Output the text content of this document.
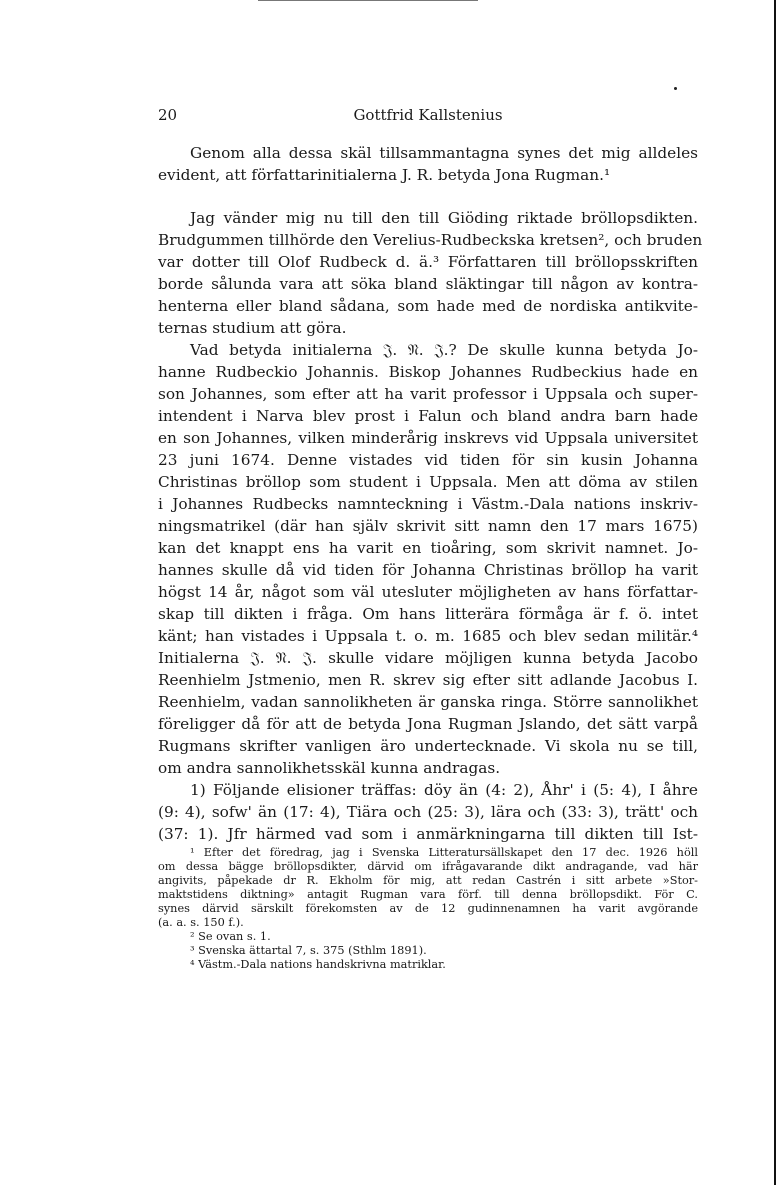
20	Gottfrid Kallstenius
Genom alla dessa skäl tillsammantagna synes det mig alldeles
evident, att författarinitialerna J. R. betyda Jona Rugman.¹
Jag vänder mig nu till den till Giöding riktade bröllopsdikten.
Brudgummen tillhörde den Verelius-Rudbeckska kretsen², och bruden
var dotter till Olof Rudbeck d. ä.³ Författaren till bröllopsskriften
borde sålunda vara att söka bland släktingar till någon av kontra-
henterna eller bland sådana, som hade med de nordiska antikvite-
ternas studium att göra.
Vad betyda initialerna 𝔍. 𝔑. 𝔍.? De skulle kunna betyda Jo-
hanne Rudbeckio Johannis. Biskop Johannes Rudbeckius hade en
son Johannes, som efter att ha varit professor i Uppsala och super-
intendent i Narva blev prost i Falun och bland andra barn hade
en son Johannes, vilken minderårig inskrevs vid Uppsala universitet
23 juni 1674. Denne vistades vid tiden för sin kusin Johanna
Christinas bröllop som student i Uppsala. Men att döma av stilen
i Johannes Rudbecks namnteckning i Västm.-Dala nations inskriv-
ningsmatrikel (där han själv skrivit sitt namn den 17 mars 1675)
kan det knappt ens ha varit en tioåring, som skrivit namnet. Jo-
hannes skulle då vid tiden för Johanna Christinas bröllop ha varit
högst 14 år, något som väl utesluter möjligheten av hans författar-
skap till dikten i fråga. Om hans litterära förmåga är f. ö. intet
känt; han vistades i Uppsala t. o. m. 1685 och blev sedan militär.⁴
Initialerna 𝔍. 𝔑. 𝔍. skulle vidare möjligen kunna betyda Jacobo
Reenhielm Jstmenio, men R. skrev sig efter sitt adlande Jacobus I.
Reenhielm, vadan sannolikheten är ganska ringa. Större sannolikhet
föreligger då för att de betyda Jona Rugman Jslando, det sätt varpå
Rugmans skrifter vanligen äro undertecknade. Vi skola nu se till,
om andra sannolikhetsskäl kunna andragas.
1) Följande elisioner träffas: döy än (4: 2), Åhr' i (5: 4), I åhre
(9: 4), sofw' än (17: 4), Tiära och (25: 3), lära och (33: 3), trätt' och
(37: 1). Jfr härmed vad som i anmärkningarna till dikten till Ist-
¹ Efter det föredrag, jag i Svenska Litteratursällskapet den 17 dec. 1926 höll
om dessa bägge bröllopsdikter, därvid om ifrågavarande dikt andragande, vad här
angivits, påpekade dr R. Ekholm för mig, att redan Castrén i sitt arbete »Stor-
maktstidens diktning» antagit Rugman vara förf. till denna bröllopsdikt. För C.
synes därvid särskilt förekomsten av de 12 gudinnenamnen ha varit avgörande
(a. a. s. 150 f.).
² Se ovan s. 1.
³ Svenska ättartal 7, s. 375 (Sthlm 1891).
⁴ Västm.-Dala nations handskrivna matriklar.
